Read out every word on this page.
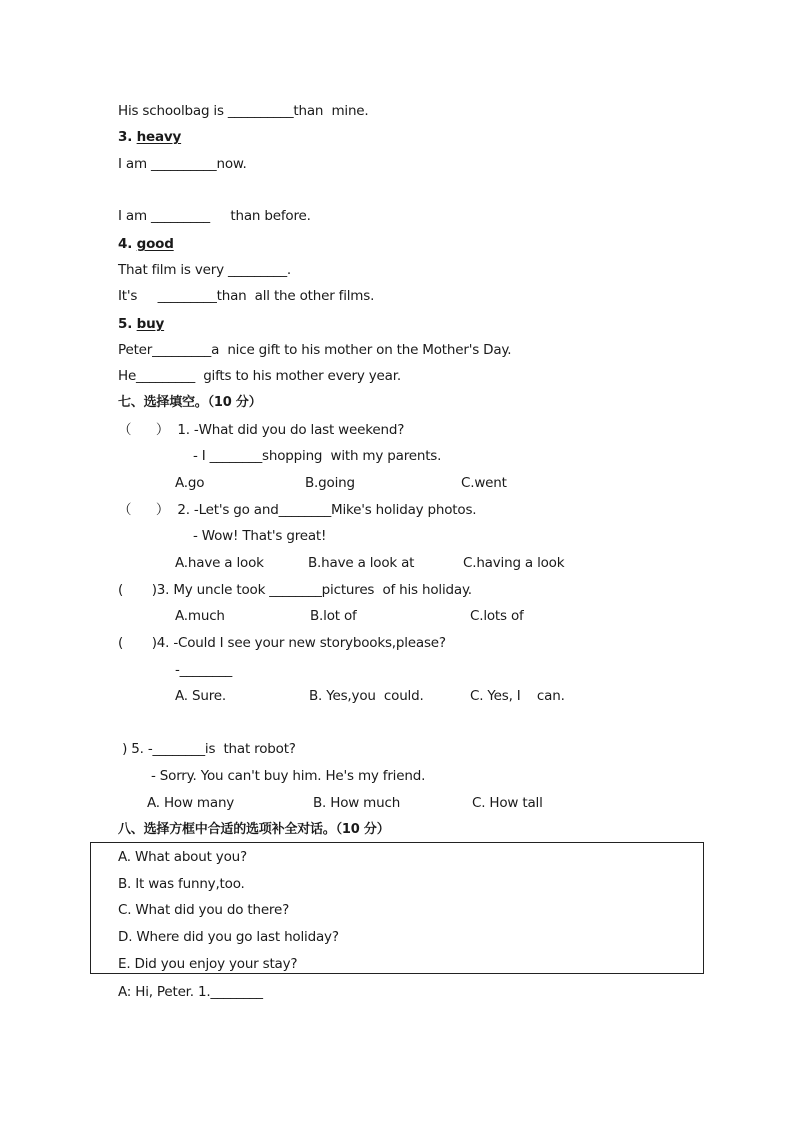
His schoolbag is __________than  mine.
3. heavy
I am __________now.
I am _________     than before.
4. good
That film is very _________.
It's     _________than  all the other films.
5. buy
Peter_________a  nice gift to his mother on the Mother's Day.
He_________  gifts to his mother every year.
七、选择填空。（10 分）
（      ）  1. -What did you do last weekend?
- I ________shopping  with my parents.
A.go	B.going	C.went
（      ）  2. -Let's go and________Mike's holiday photos.
- Wow! That's great!
A.have a look	B.have a look at	C.having a look
(       )3. My uncle took ________pictures  of his holiday.
A.much	B.lot of	C.lots of
(       )4. -Could I see your new storybooks,please?
-________
A. Sure.	B. Yes,you  could.	C. Yes, I    can.
) 5. -________is  that robot?
- Sorry. You can't buy him. He's my friend.
A. How many	B. How much	C. How tall
八、选择方框中合适的选项补全对话。（10 分）
A. What about you?
B. It was funny,too.
C. What did you do there?
D. Where did you go last holiday?
E. Did you enjoy your stay?
A: Hi, Peter. 1.________
